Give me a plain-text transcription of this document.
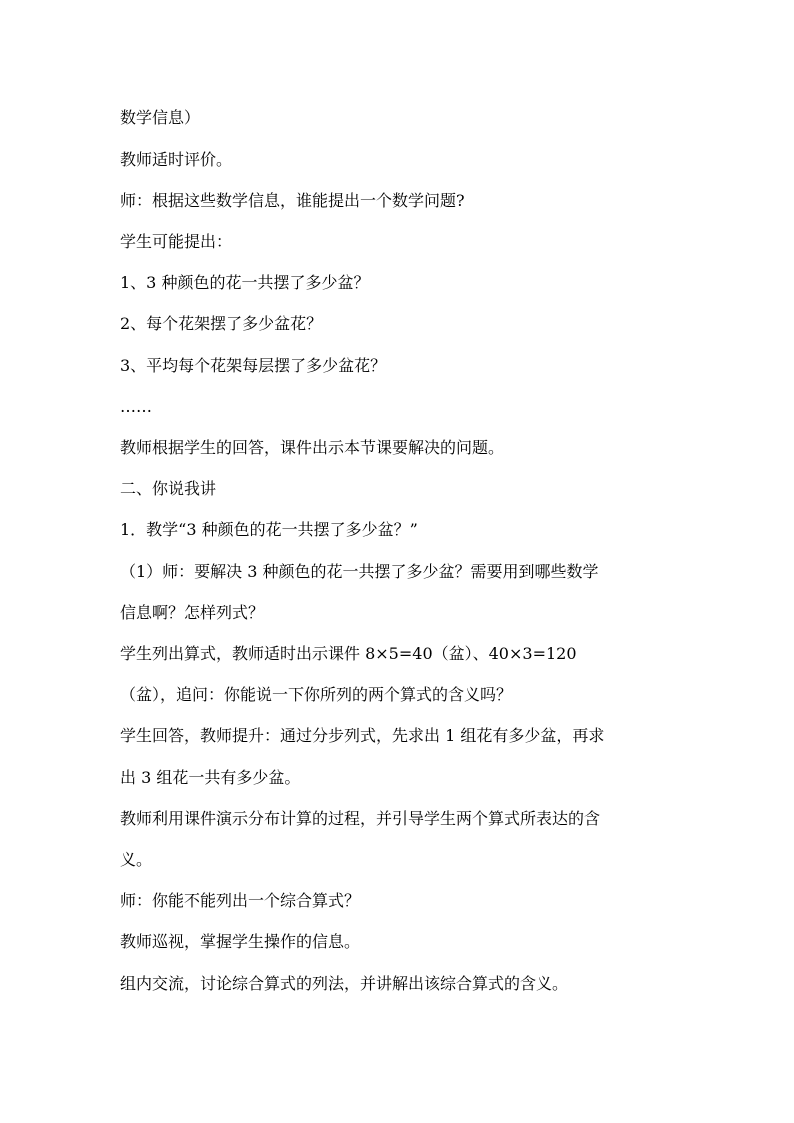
数学信息）
教师适时评价。
师：根据这些数学信息，谁能提出一个数学问题?
学生可能提出：
1、3 种颜色的花一共摆了多少盆？
2、每个花架摆了多少盆花？
3、平均每个花架每层摆了多少盆花？
……
教师根据学生的回答，课件出示本节课要解决的问题。
二、你说我讲
1．教学“3 种颜色的花一共摆了多少盆？”
（1）师：要解决 3 种颜色的花一共摆了多少盆？需要用到哪些数学
信息啊？怎样列式？
学生列出算式，教师适时出示课件 8×5=40（盆）、40×3=120
（盆），追问：你能说一下你所列的两个算式的含义吗？
学生回答，教师提升：通过分步列式，先求出 1 组花有多少盆，再求
出 3 组花一共有多少盆。
教师利用课件演示分布计算的过程，并引导学生两个算式所表达的含
义。
师：你能不能列出一个综合算式？
教师巡视，掌握学生操作的信息。
组内交流，讨论综合算式的列法，并讲解出该综合算式的含义。
